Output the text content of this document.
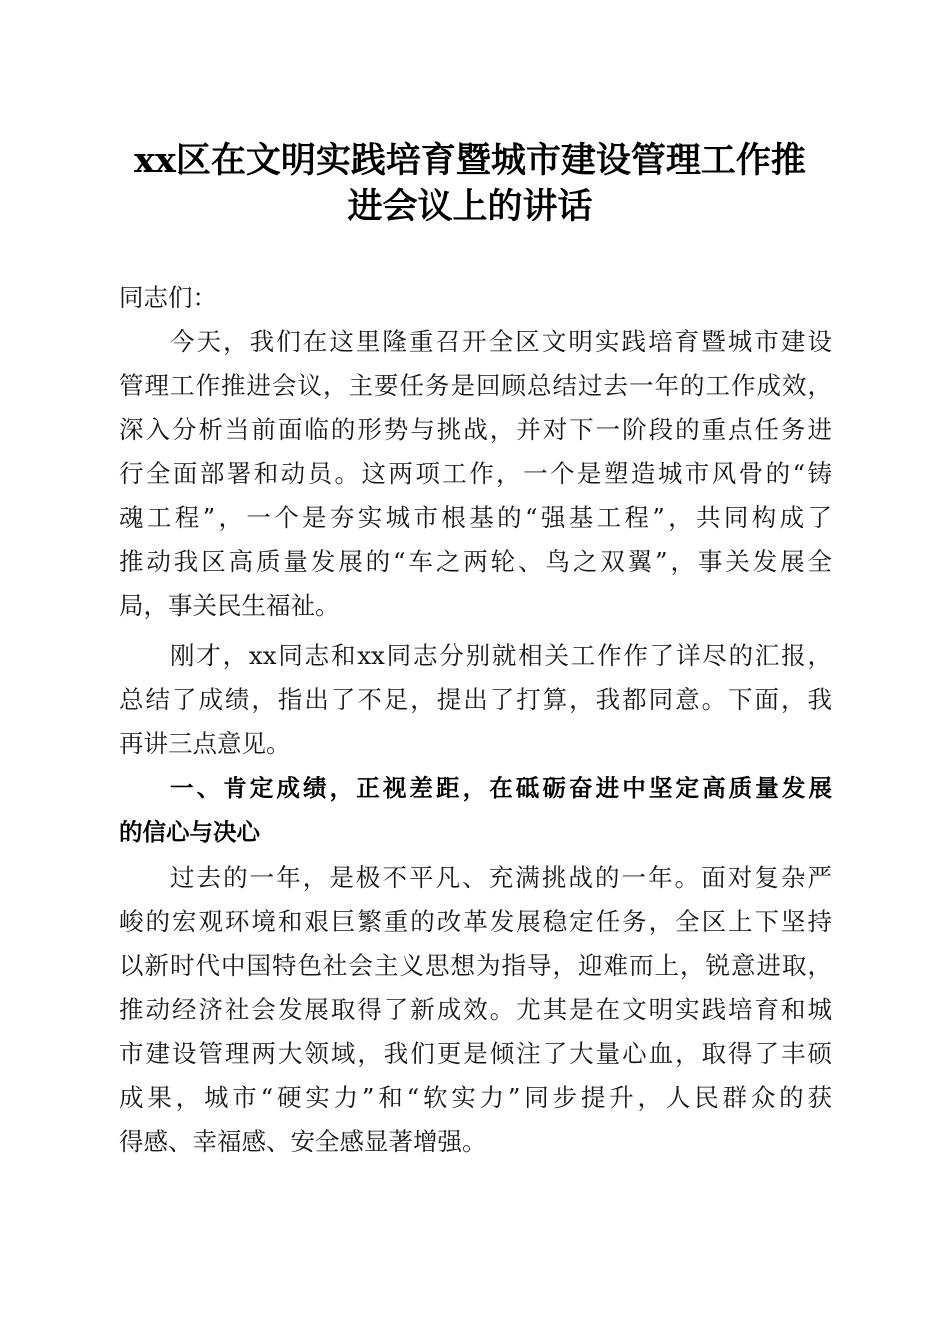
xx区在文明实践培育暨城市建设管理工作推
进会议上的讲话
同志们：
今天，我们在这里隆重召开全区文明实践培育暨城市建设
管理工作推进会议，主要任务是回顾总结过去一年的工作成效，
深入分析当前面临的形势与挑战，并对下一阶段的重点任务进
行全面部署和动员。这两项工作，一个是塑造城市风骨的“铸
魂工程”，一个是夯实城市根基的“强基工程”，共同构成了
推动我区高质量发展的“车之两轮、鸟之双翼”，事关发展全
局，事关民生福祉。
刚才，xx同志和xx同志分别就相关工作作了详尽的汇报，
总结了成绩，指出了不足，提出了打算，我都同意。下面，我
再讲三点意见。
一、肯定成绩，正视差距，在砥砺奋进中坚定高质量发展
的信心与决心
过去的一年，是极不平凡、充满挑战的一年。面对复杂严
峻的宏观环境和艰巨繁重的改革发展稳定任务，全区上下坚持
以新时代中国特色社会主义思想为指导，迎难而上，锐意进取，
推动经济社会发展取得了新成效。尤其是在文明实践培育和城
市建设管理两大领域，我们更是倾注了大量心血，取得了丰硕
成果，城市“硬实力”和“软实力”同步提升，人民群众的获
得感、幸福感、安全感显著增强。
